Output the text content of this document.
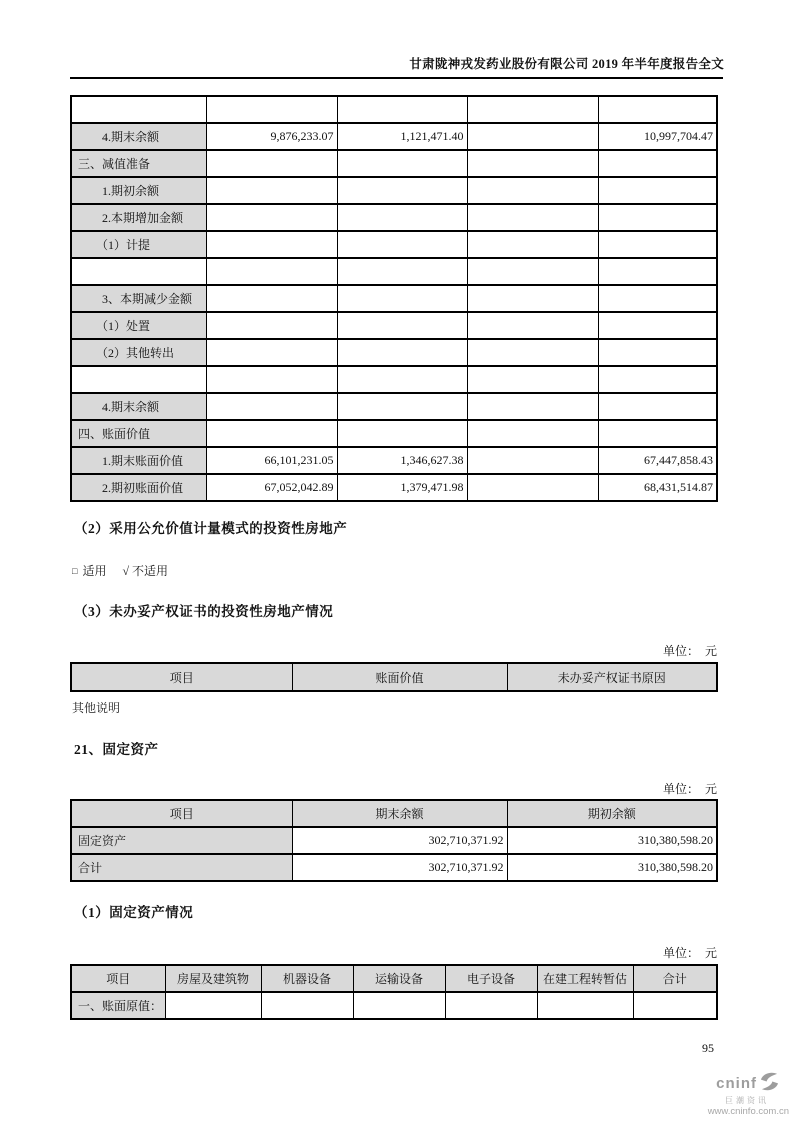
甘肃陇神戎发药业股份有限公司 2019 年半年度报告全文

4.期末余额	9,876,233.07	1,121,471.40		10,997,704.47
三、减值准备				
1.期初余额				
2.本期增加金额				
（1）计提				

3、本期减少金额				
（1）处置				
（2）其他转出				

4.期末余额				
四、账面价值				
1.期末账面价值	66,101,231.05	1,346,627.38		67,447,858.43
2.期初账面价值	67,052,042.89	1,379,471.98		68,431,514.87
（2）采用公允价值计量模式的投资性房地产
□ 适用 √ 不适用
（3）未办妥产权证书的投资性房地产情况
单位：　元
项目	账面价值	未办妥产权证书原因
其他说明
21、固定资产
单位：　元
项目	期末余额	期初余额
固定资产	302,710,371.92	310,380,598.20
合计	302,710,371.92	310,380,598.20
（1）固定资产情况
单位：　元
项目	房屋及建筑物	机器设备	运输设备	电子设备	在建工程转暂估	合计
一、账面原值：						
95
cninf
巨潮资讯
www.cninfo.com.cn
